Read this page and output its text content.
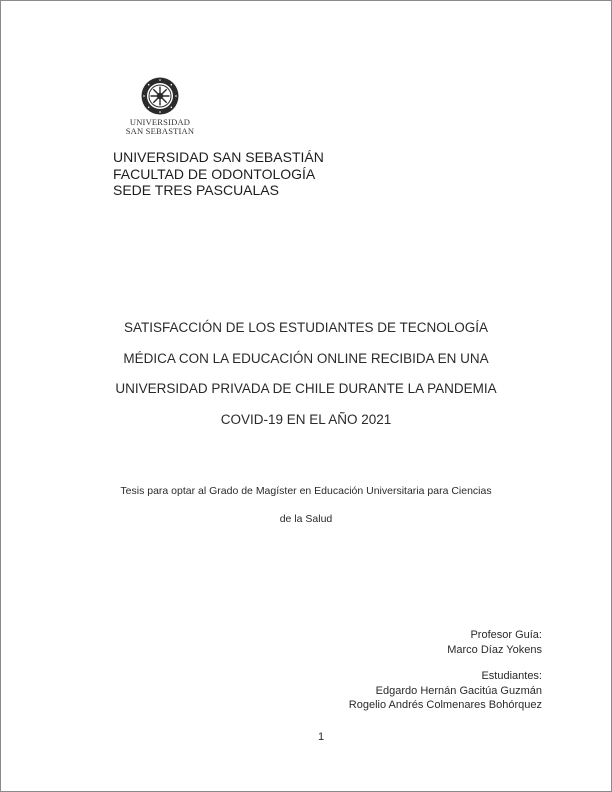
UNIVERSIDAD
SAN SEBASTIAN
UNIVERSIDAD SAN SEBASTIÁN
FACULTAD DE ODONTOLOGÍA
SEDE TRES PASCUALAS
SATISFACCIÓN DE LOS ESTUDIANTES DE TECNOLOGÍA
MÉDICA CON LA EDUCACIÓN ONLINE RECIBIDA EN UNA
UNIVERSIDAD PRIVADA DE CHILE DURANTE LA PANDEMIA
COVID-19 EN EL AÑO 2021
Tesis para optar al Grado de Magíster en Educación Universitaria para Ciencias
de la Salud
Profesor Guía:
Marco Díaz Yokens
Estudiantes:
Edgardo Hernán Gacitúa Guzmán
Rogelio Andrés Colmenares Bohórquez
1
